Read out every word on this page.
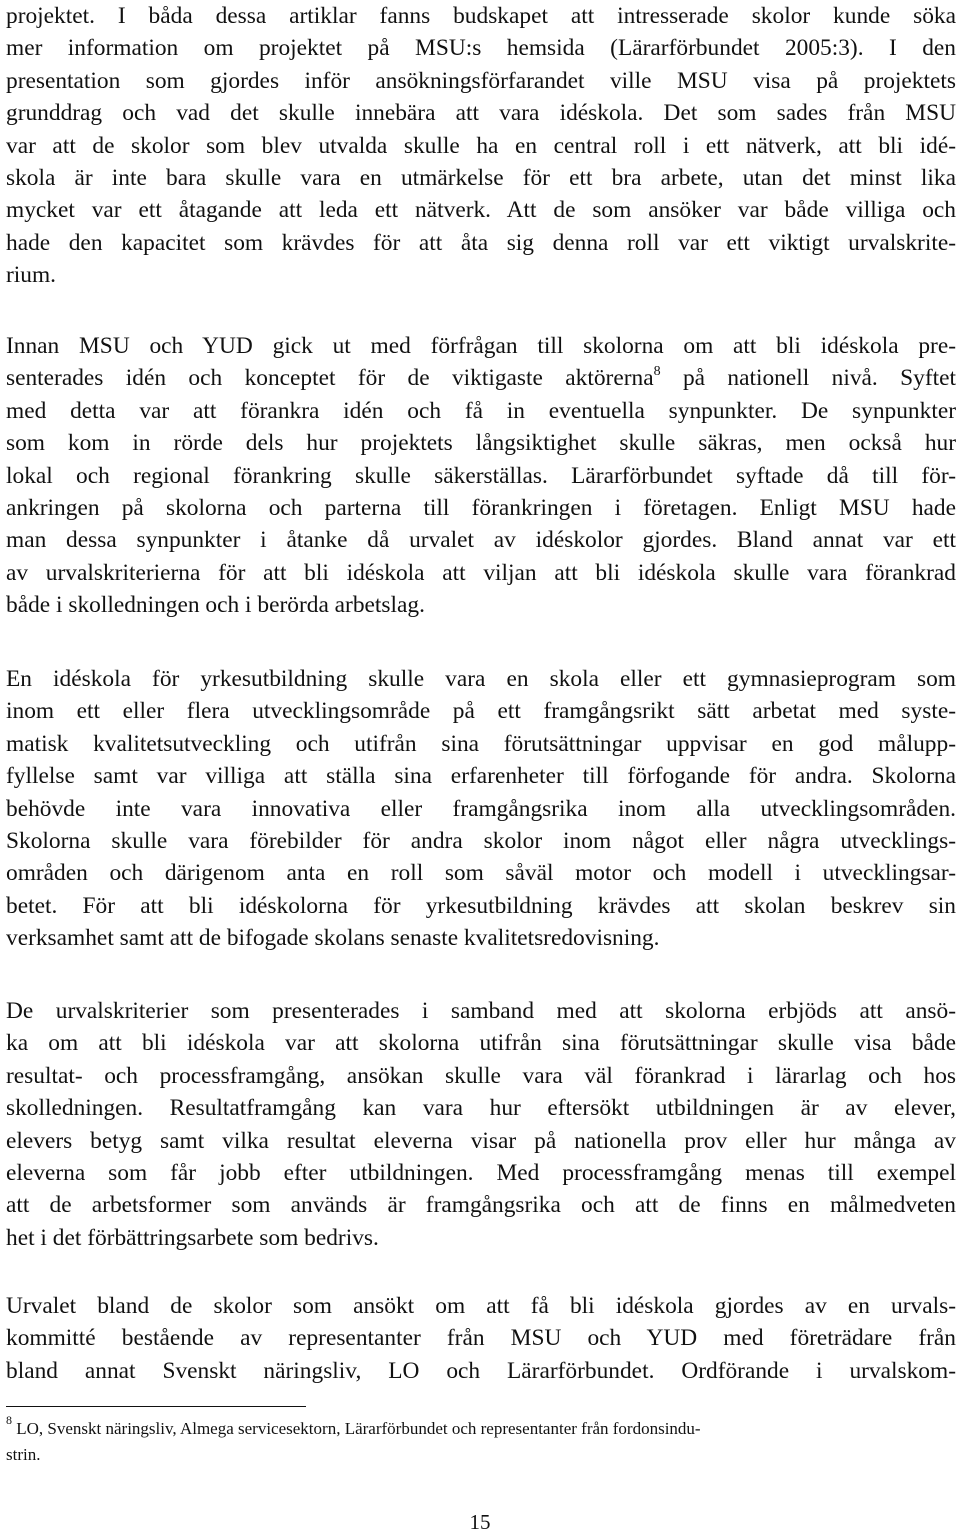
projektet. I båda dessa artiklar fanns budskapet att intresserade skolor kunde söka
mer information om projektet på MSU:s hemsida (Lärarförbundet 2005:3). I den
presentation som gjordes inför ansökningsförfarandet ville MSU visa på projektets
grunddrag och vad det skulle innebära att vara idéskola. Det som sades från MSU
var att de skolor som blev utvalda skulle ha en central roll i ett nätverk, att bli idé-
skola är inte bara skulle vara en utmärkelse för ett bra arbete, utan det minst lika
mycket var ett åtagande att leda ett nätverk. Att de som ansöker var både villiga och
hade den kapacitet som krävdes för att åta sig denna roll var ett viktigt urvalskrite-
rium.

Innan MSU och YUD gick ut med förfrågan till skolorna om att bli idéskola pre-
senterades idén och konceptet för de viktigaste aktörerna$^8$ på nationell nivå. Syftet
med detta var att förankra idén och få in eventuella synpunkter. De synpunkter
som kom in rörde dels hur projektets långsiktighet skulle säkras, men också hur
lokal och regional förankring skulle säkerställas. Lärarförbundet syftade då till för-
ankringen på skolorna och parterna till förankringen i företagen. Enligt MSU hade
man dessa synpunkter i åtanke då urvalet av idéskolor gjordes. Bland annat var ett
av urvalskriterierna för att bli idéskola att viljan att bli idéskola skulle vara förankrad
både i skolledningen och i berörda arbetslag.

En idéskola för yrkesutbildning skulle vara en skola eller ett gymnasieprogram som
inom ett eller flera utvecklingsområde på ett framgångsrikt sätt arbetat med syste-
matisk kvalitetsutveckling och utifrån sina förutsättningar uppvisar en god målupp-
fyllelse samt var villiga att ställa sina erfarenheter till förfogande för andra. Skolorna
behövde inte vara innovativa eller framgångsrika inom alla utvecklingsområden.
Skolorna skulle vara förebilder för andra skolor inom något eller några utvecklings-
områden och därigenom anta en roll som såväl motor och modell i utvecklingsar-
betet. För att bli idéskolorna för yrkesutbildning krävdes att skolan beskrev sin
verksamhet samt att de bifogade skolans senaste kvalitetsredovisning.

De urvalskriterier som presenterades i samband med att skolorna erbjöds att ansö-
ka om att bli idéskola var att skolorna utifrån sina förutsättningar skulle visa både
resultat- och processframgång, ansökan skulle vara väl förankrad i lärarlag och hos
skolledningen. Resultatframgång kan vara hur eftersökt utbildningen är av elever,
elevers betyg samt vilka resultat eleverna visar på nationella prov eller hur många av
eleverna som får jobb efter utbildningen. Med processframgång menas till exempel
att de arbetsformer som används är framgångsrika och att de finns en målmedveten
het i det förbättringsarbete som bedrivs.

Urvalet bland de skolor som ansökt om att få bli idéskola gjordes av en urvals-
kommitté bestående av representanter från MSU och YUD med företrädare från
bland annat Svenskt näringsliv, LO och Lärarförbundet. Ordförande i urvalskom-

$^8$ LO, Svenskt näringsliv, Almega servicesektorn, Lärarförbundet och representanter från fordonsindu-
strin.

15
